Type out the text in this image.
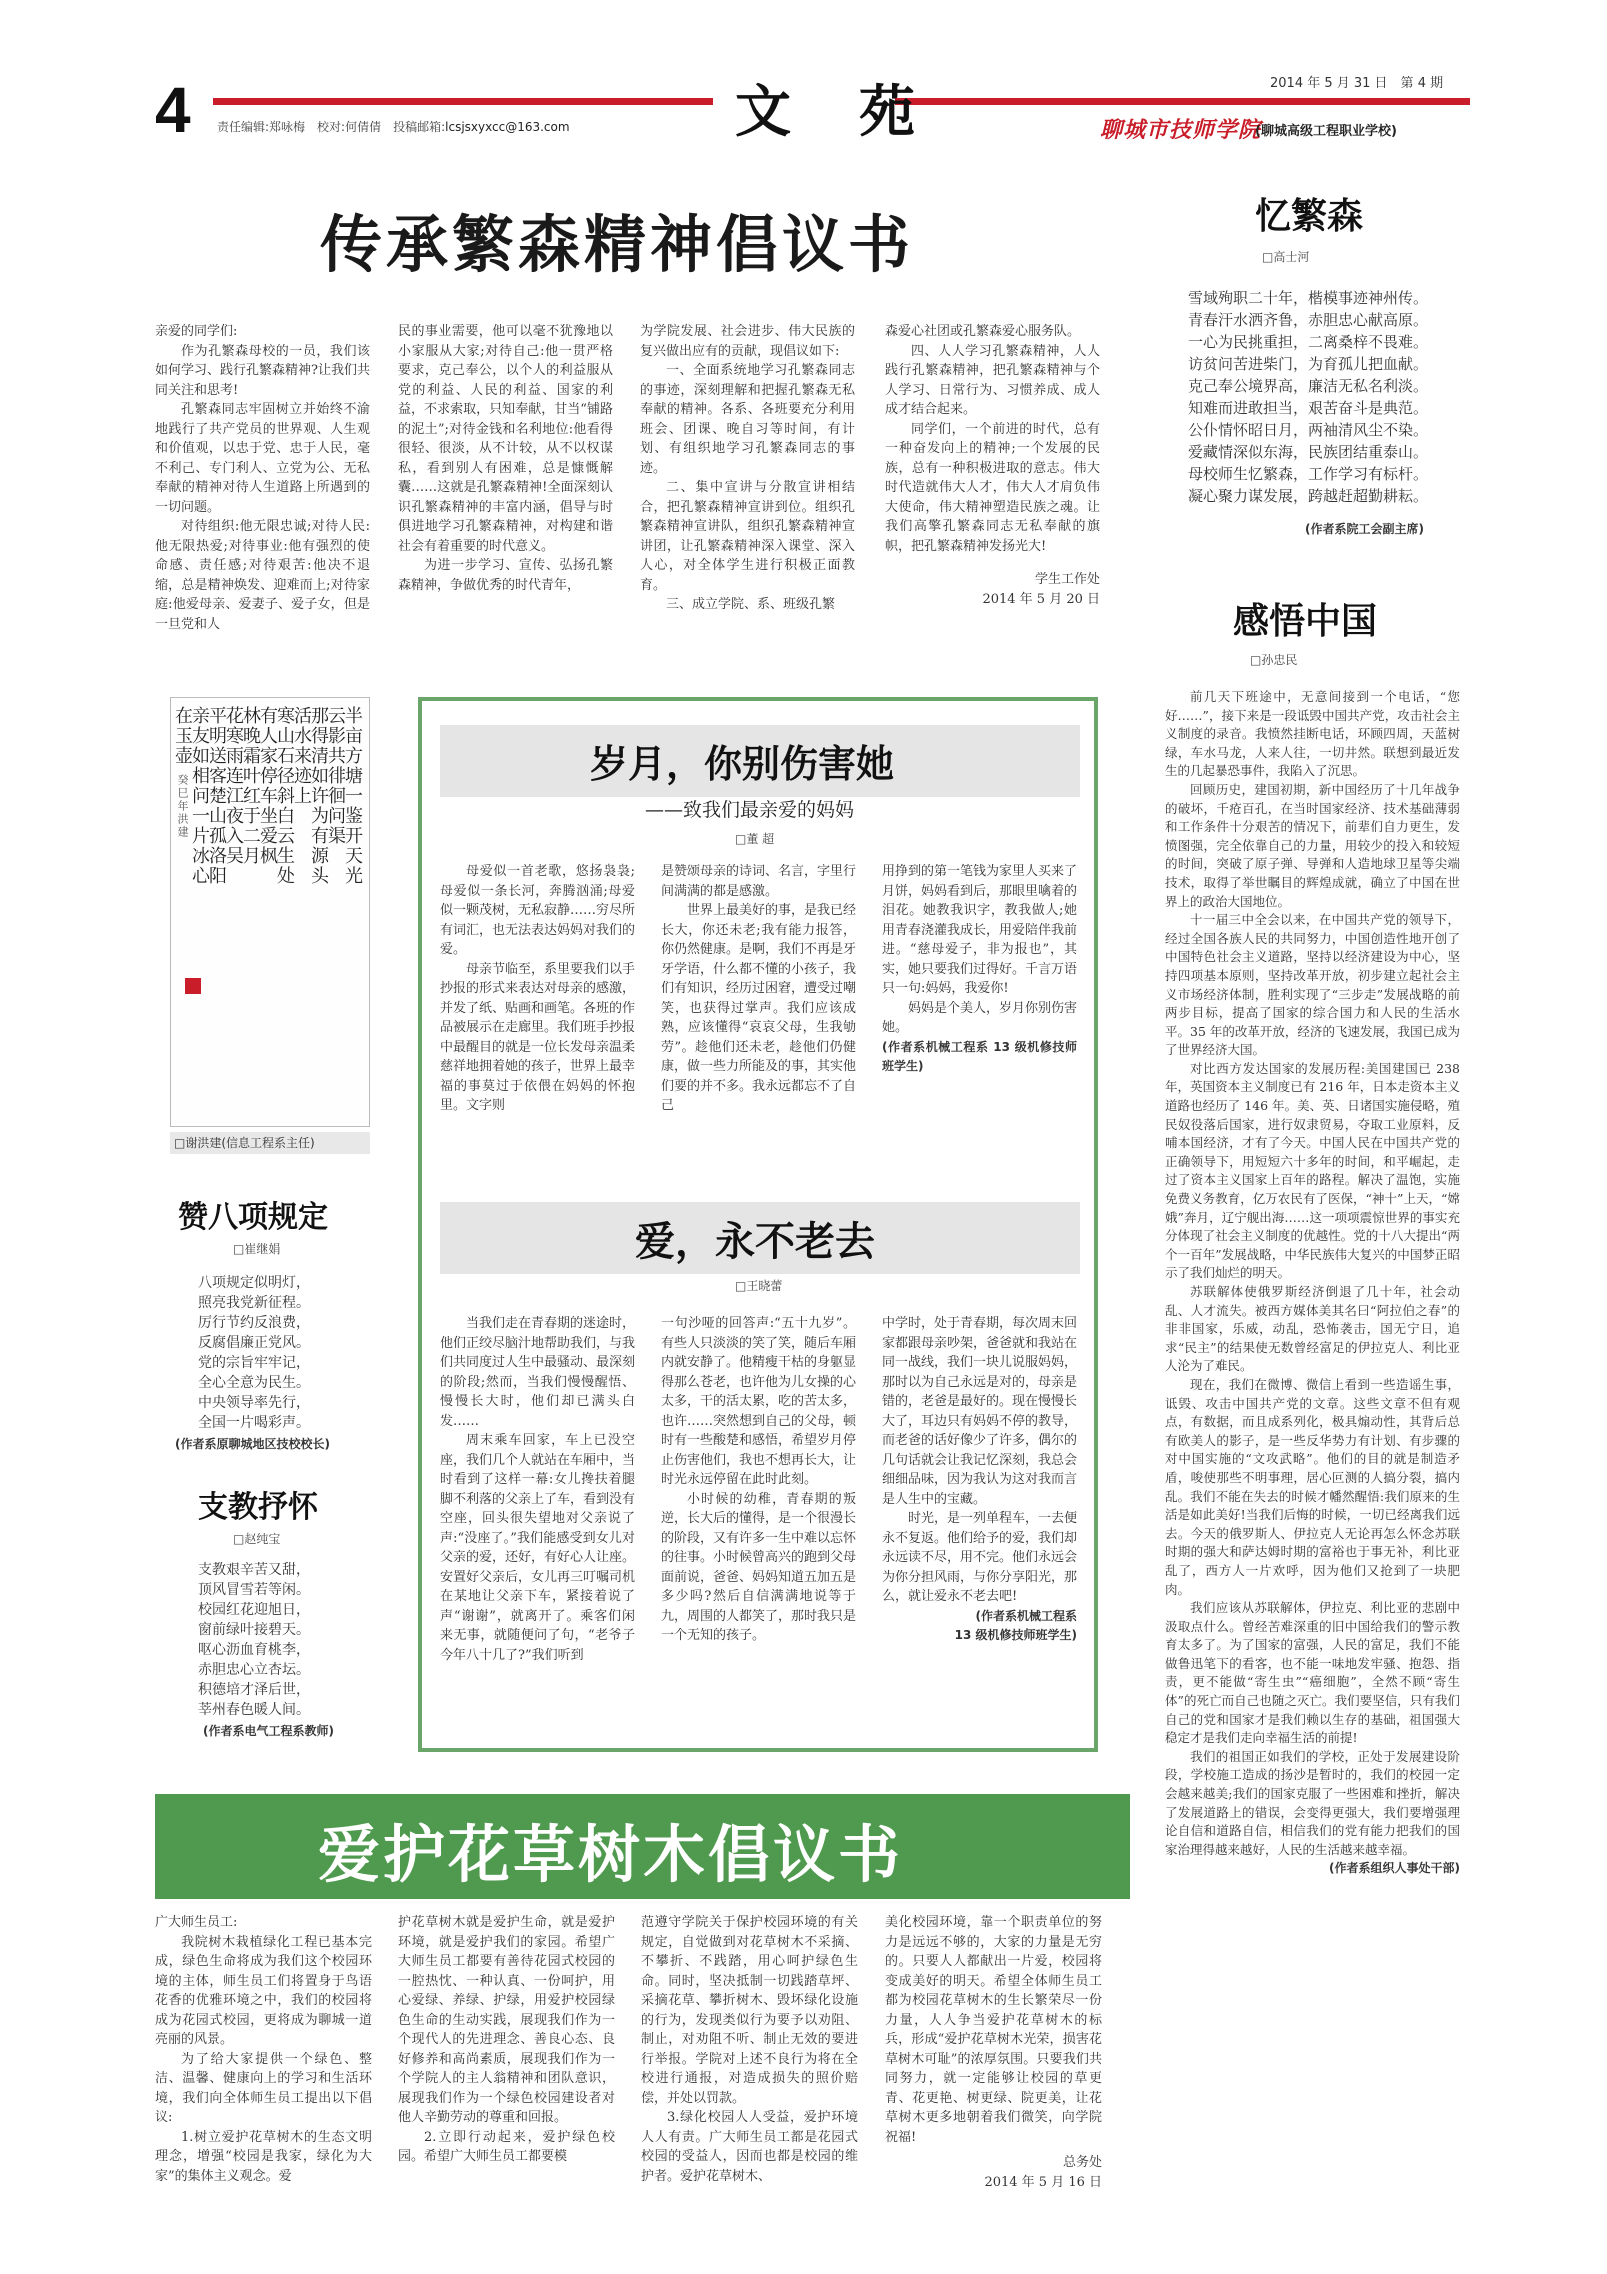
4 责任编辑:郑咏梅　校对:何倩倩　投稿邮箱:lcsjsxyxcc@163.com	文　苑	2014 年 5 月 31 日　第 4 期
聊城市技师学院
(聊城高级工程职业学校)
传承繁森精神倡议书

亲爱的同学们:

作为孔繁森母校的一员，我们该如何学习、践行孔繁森精神?让我们共同关注和思考!

孔繁森同志牢固树立并始终不渝地践行了共产党员的世界观、人生观和价值观，以忠于党、忠于人民，毫不利己、专门利人、立党为公、无私奉献的精神对待人生道路上所遇到的一切问题。

对待组织:他无限忠诚;对待人民:他无限热爱;对待事业:他有强烈的使命感、责任感;对待艰苦:他决不退缩，总是精神焕发、迎难而上;对待家庭:他爱母亲、爱妻子、爱子女，但是一旦党和人

民的事业需要，他可以毫不犹豫地以小家服从大家;对待自己:他一贯严格要求，克己奉公，以个人的利益服从党的利益、人民的利益、国家的利益，不求索取，只知奉献，甘当“铺路的泥土”;对待金钱和名利地位:他看得很轻、很淡，从不计较，从不以权谋私，看到别人有困难，总是慷慨解囊……这就是孔繁森精神!全面深刻认识孔繁森精神的丰富内涵，倡导与时俱进地学习孔繁森精神，对构建和谐社会有着重要的时代意义。

为进一步学习、宣传、弘扬孔繁森精神，争做优秀的时代青年，

为学院发展、社会进步、伟大民族的复兴做出应有的贡献，现倡议如下:

一、全面系统地学习孔繁森同志的事迹，深刻理解和把握孔繁森无私奉献的精神。各系、各班要充分利用班会、团课、晚自习等时间，有计划、有组织地学习孔繁森同志的事迹。

二、集中宣讲与分散宣讲相结合，把孔繁森精神宣讲到位。组织孔繁森精神宣讲队，组织孔繁森精神宣讲团，让孔繁森精神深入课堂、深入人心，对全体学生进行积极正面教育。

三、成立学院、系、班级孔繁

森爱心社团或孔繁森爱心服务队。

四、人人学习孔繁森精神，人人践行孔繁森精神，把孔繁森精神与个人学习、日常行为、习惯养成、成人成才结合起来。

同学们，一个前进的时代，总有一种奋发向上的精神;一个发展的民族，总有一种积极进取的意志。伟大时代造就伟大人才，伟大人才肩负伟大使命，伟大精神塑造民族之魂。让我们高擎孔繁森同志无私奉献的旗帜，把孔繁森精神发扬光大!

学生工作处

2014 年 5 月 20 日

忆繁森
□高士河

雪域殉职二十年，楷模事迹神州传。

青春汗水洒齐鲁，赤胆忠心献高原。

一心为民挑重担，二离桑梓不畏难。

访贫问苦进柴门，为育孤儿把血献。

克己奉公境界高，廉洁无私名利淡。

知难而进敢担当，艰苦奋斗是典范。

公仆情怀昭日月，两袖清风尘不染。

爱藏情深似东海，民族团结重泰山。

母校师生忆繁森，工作学习有标杆。

凝心聚力谋发展，跨越赶超勤耕耘。

(作者系院工会副主席)
半亩方塘一鉴开天光
云影共徘徊问渠
那得清如许为有源头
活水来迹上
寒山石径斜白云生处
有人家停车坐爱枫
林晚霜叶红于二月
花寒雨连江夜入吴
平明送客楚山孤洛阳
亲友如相问一片冰心
在玉壶 癸巳年洪建
□谢洪建(信息工程系主任)
赞八项规定
□崔继娟

八项规定似明灯，

照亮我党新征程。

厉行节约反浪费，

反腐倡廉正党风。

党的宗旨牢牢记，

全心全意为民生。

中央领导率先行，

全国一片喝彩声。

(作者系原聊城地区技校校长)
支教抒怀
□赵纯宝

支教艰辛苦又甜，

顶风冒雪若等闲。

校园红花迎旭日，

窗前绿叶接碧天。

呕心沥血育桃李，

赤胆忠心立杏坛。

积德培才泽后世，

莘州春色暖人间。

(作者系电气工程系教师)
岁月，你别伤害她
——致我们最亲爱的妈妈
□董 超

母爱似一首老歌，悠扬袅袅;母爱似一条长河，奔腾汹涌;母爱似一颗茂树，无私寂静……穷尽所有词汇，也无法表达妈妈对我们的爱。

母亲节临至，系里要我们以手抄报的形式来表达对母亲的感激，并发了纸、贴画和画笔。各班的作品被展示在走廊里。我们班手抄报中最醒目的就是一位长发母亲温柔慈祥地拥着她的孩子，世界上最幸福的事莫过于依偎在妈妈的怀抱里。文字则

是赞颂母亲的诗词、名言，字里行间满满的都是感激。

世界上最美好的事，是我已经长大，你还未老;我有能力报答，你仍然健康。是啊，我们不再是牙牙学语，什么都不懂的小孩子，我们有知识，经历过困窘，遭受过嘲笑，也获得过掌声。我们应该成熟，应该懂得“哀哀父母，生我劬劳”。趁他们还未老，趁他们仍健康，做一些力所能及的事，其实他们要的并不多。我永远都忘不了自己

用挣到的第一笔钱为家里人买来了月饼，妈妈看到后，那眼里噙着的泪花。她教我识字，教我做人;她用青春浇灌我成长，用爱陪伴我前进。“慈母爱子，非为报也”，其实，她只要我们过得好。千言万语只一句:妈妈，我爱你!

妈妈是个美人，岁月你别伤害她。

(作者系机械工程系 13 级机修技师班学生)

爱，永不老去
□王晓蕾

当我们走在青春期的迷途时，他们正绞尽脑汁地帮助我们，与我们共同度过人生中最骚动、最深刻的阶段;然而，当我们慢慢醒悟、慢慢长大时，他们却已满头白发……

周末乘车回家，车上已没空座，我们几个人就站在车厢中，当时看到了这样一幕:女儿搀扶着腿脚不利落的父亲上了车，看到没有空座，回头很失望地对父亲说了声:“没座了。”我们能感受到女儿对父亲的爱，还好，有好心人让座。安置好父亲后，女儿再三叮嘱司机在某地让父亲下车，紧接着说了声“谢谢”，就离开了。乘客们闲来无事，就随便问了句，“老爷子今年八十几了?”我们听到

一句沙哑的回答声:“五十九岁”。有些人只淡淡的笑了笑，随后车厢内就安静了。他精瘦干枯的身躯显得那么苍老，也许他为儿女操的心太多，干的活太累，吃的苦太多，也许……突然想到自己的父母，顿时有一些酸楚和感悟，希望岁月停止伤害他们，我也不想再长大，让时光永远停留在此时此刻。

小时候的幼稚，青春期的叛逆，长大后的懂得，是一个很漫长的阶段，又有许多一生中难以忘怀的往事。小时候曾高兴的跑到父母面前说，爸爸、妈妈知道五加五是多少吗?然后自信满满地说等于九，周围的人都笑了，那时我只是一个无知的孩子。

中学时，处于青春期，每次周末回家都跟母亲吵架，爸爸就和我站在同一战线，我们一块儿说服妈妈，那时以为自己永远是对的，母亲是错的，老爸是最好的。现在慢慢长大了，耳边只有妈妈不停的教导，而老爸的话好像少了许多，偶尔的几句话就会让我记忆深刻，我总会细细品味，因为我认为这对我而言是人生中的宝藏。

时光，是一列单程车，一去便永不复返。他们给予的爱，我们却永远读不尽，用不完。他们永远会为你分担风雨，与你分享阳光，那么，就让爱永不老去吧!

(作者系机械工程系

13 级机修技师班学生)

感悟中国
□孙忠民

前几天下班途中，无意间接到一个电话，“您好……”，接下来是一段诋毁中国共产党，攻击社会主义制度的录音。我愤然挂断电话，环顾四周，天蓝树绿，车水马龙，人来人往，一切井然。联想到最近发生的几起暴恐事件，我陷入了沉思。

回顾历史，建国初期，新中国经历了十几年战争的破坏，千疮百孔，在当时国家经济、技术基础薄弱和工作条件十分艰苦的情况下，前辈们自力更生，发愤图强，完全依靠自己的力量，用较少的投入和较短的时间，突破了原子弹、导弹和人造地球卫星等尖端技术，取得了举世瞩目的辉煌成就，确立了中国在世界上的政治大国地位。

十一届三中全会以来，在中国共产党的领导下，经过全国各族人民的共同努力，中国创造性地开创了中国特色社会主义道路，坚持以经济建设为中心，坚持四项基本原则，坚持改革开放，初步建立起社会主义市场经济体制，胜利实现了“三步走”发展战略的前两步目标，提高了国家的综合国力和人民的生活水平。35 年的改革开放，经济的飞速发展，我国已成为了世界经济大国。

对比西方发达国家的发展历程:美国建国已 238 年，英国资本主义制度已有 216 年，日本走资本主义道路也经历了 146 年。美、英、日诸国实施侵略，殖民奴役落后国家，进行奴隶贸易，夺取工业原料，反哺本国经济，才有了今天。中国人民在中国共产党的正确领导下，用短短六十多年的时间，和平崛起，走过了资本主义国家上百年的路程。解决了温饱，实施免费义务教育，亿万农民有了医保，“神十”上天，“嫦娥”奔月，辽宁舰出海……这一项项震惊世界的事实充分体现了社会主义制度的优越性。党的十八大提出“两个一百年”发展战略，中华民族伟大复兴的中国梦正昭示了我们灿烂的明天。

苏联解体使俄罗斯经济倒退了几十年，社会动乱、人才流失。被西方媒体美其名曰“阿拉伯之春”的非非国家，乐威，动乱，恐怖袭击，国无宁日，追求“民主”的结果使无数曾经富足的伊拉克人、利比亚人沦为了难民。

现在，我们在微博、微信上看到一些造谣生事，诋毁、攻击中国共产党的文章。这些文章不但有观点，有数据，而且成系列化，极具煽动性，其背后总有欧美人的影子，是一些反华势力有计划、有步骤的对中国实施的“文攻武略”。他们的目的就是制造矛盾，唆使那些不明事理，居心叵测的人搞分裂，搞内乱。我们不能在失去的时候才幡然醒悟:我们原来的生活是如此美好!当我们后悔的时候，一切已经离我们远去。今天的俄罗斯人、伊拉克人无论再怎么怀念苏联时期的强大和萨达姆时期的富裕也于事无补，利比亚乱了，西方人一片欢呼，因为他们又抢到了一块肥肉。

我们应该从苏联解体，伊拉克、利比亚的悲剧中汲取点什么。曾经苦难深重的旧中国给我们的警示教育太多了。为了国家的富强，人民的富足，我们不能做鲁迅笔下的看客，也不能一味地发牢骚、抱怨、指责，更不能做“寄生虫”“癌细胞”，全然不顾“寄生体”的死亡而自己也随之灭亡。我们要坚信，只有我们自己的党和国家才是我们赖以生存的基础，祖国强大稳定才是我们走向幸福生活的前提!

我们的祖国正如我们的学校，正处于发展建设阶段，学校施工造成的扬沙是暂时的，我们的校园一定会越来越美;我们的国家克服了一些困难和挫折，解决了发展道路上的错误，会变得更强大，我们要增强理论自信和道路自信，相信我们的党有能力把我们的国家治理得越来越好，人民的生活越来越幸福。

(作者系组织人事处干部)

爱护花草树木倡议书

广大师生员工:

我院树木栽植绿化工程已基本完成，绿色生命将成为我们这个校园环境的主体，师生员工们将置身于鸟语花香的优雅环境之中，我们的校园将成为花园式校园，更将成为聊城一道亮丽的风景。

为了给大家提供一个绿色、整洁、温馨、健康向上的学习和生活环境，我们向全体师生员工提出以下倡议:

1.树立爱护花草树木的生态文明理念，增强“校园是我家，绿化为大家”的集体主义观念。爱

护花草树木就是爱护生命，就是爱护环境，就是爱护我们的家园。希望广大师生员工都要有善待花园式校园的一腔热忱、一种认真、一份呵护，用心爱绿、养绿、护绿，用爱护校园绿色生命的生动实践，展现我们作为一个现代人的先进理念、善良心态、良好修养和高尚素质，展现我们作为一个学院人的主人翁精神和团队意识，展现我们作为一个绿色校园建设者对他人辛勤劳动的尊重和回报。

2.立即行动起来，爱护绿色校园。希望广大师生员工都要模

范遵守学院关于保护校园环境的有关规定，自觉做到对花草树木不采摘、不攀折、不践踏，用心呵护绿色生命。同时，坚决抵制一切践踏草坪、采摘花草、攀折树木、毁坏绿化设施的行为，发现类似行为要予以劝阻、制止，对劝阻不听、制止无效的要进行举报。学院对上述不良行为将在全校进行通报，对造成损失的照价赔偿，并处以罚款。

3.绿化校园人人受益，爱护环境人人有责。广大师生员工都是花园式校园的受益人，因而也都是校园的维护者。爱护花草树木、

美化校园环境，靠一个职责单位的努力是远远不够的，大家的力量是无穷的。只要人人都献出一片爱，校园将变成美好的明天。希望全体师生员工都为校园花草树木的生长繁荣尽一份力量，人人争当爱护花草树木的标兵，形成“爱护花草树木光荣，损害花草树木可耻”的浓厚氛围。只要我们共同努力，就一定能够让校园的草更青、花更艳、树更绿、院更美，让花草树木更多地朝着我们微笑，向学院祝福!

总务处

2014 年 5 月 16 日
